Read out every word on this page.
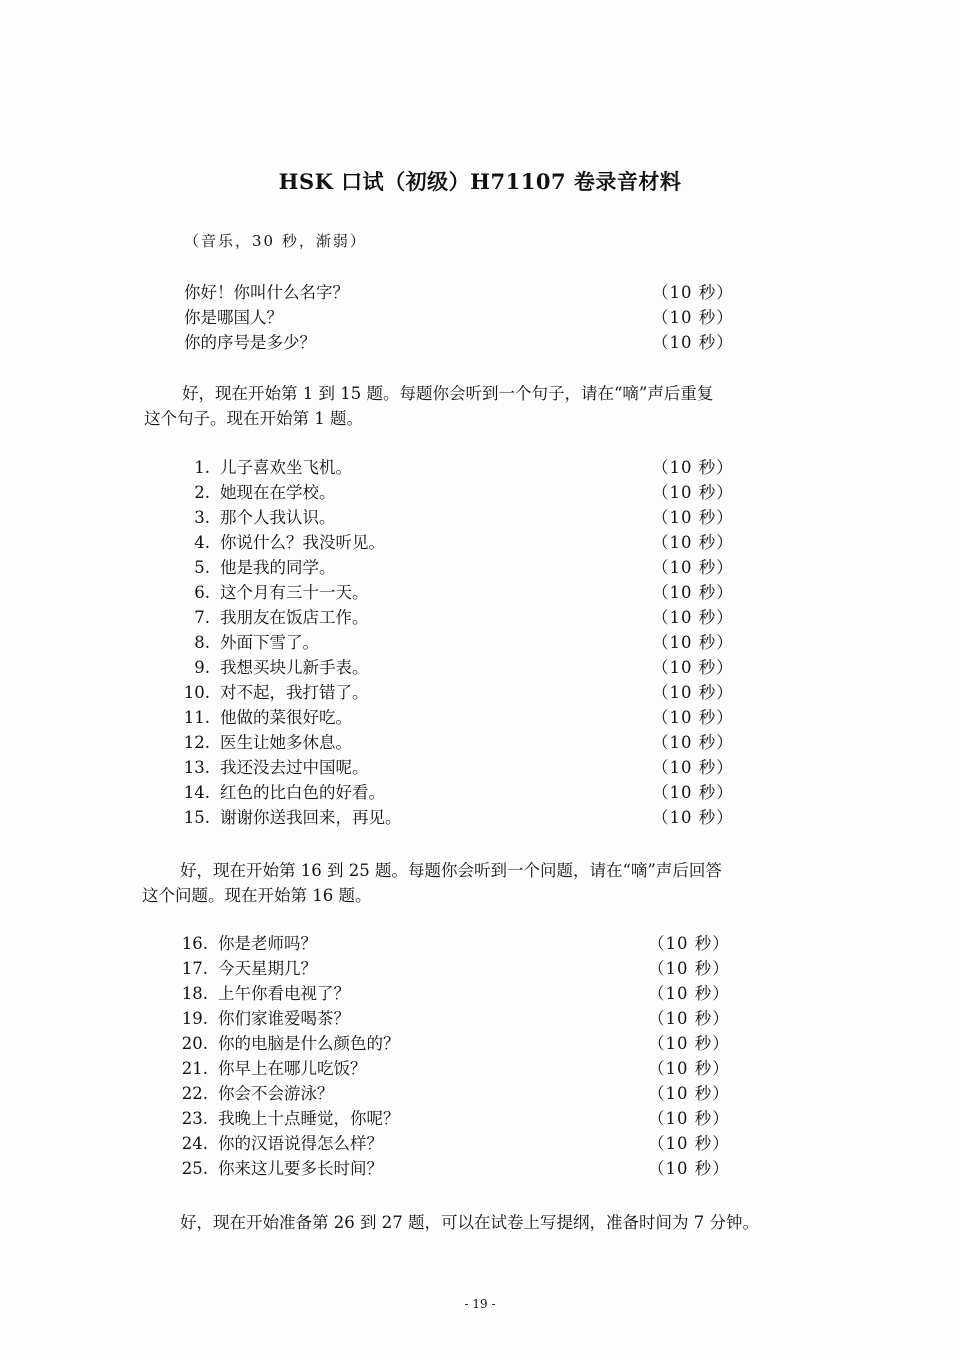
HSK 口试（初级）H71107 卷录音材料
（音乐，30 秒，渐弱）
你好！你叫什么名字？	（10 秒）
你是哪国人？	（10 秒）
你的序号是多少？	（10 秒）
好，现在开始第 1 到 15 题。每题你会听到一个句子，请在“嘀”声后重复
这个句子。现在开始第 1 题。
1. 儿子喜欢坐飞机。	（10 秒）
2. 她现在在学校。	（10 秒）
3. 那个人我认识。	（10 秒）
4. 你说什么？我没听见。	（10 秒）
5. 他是我的同学。	（10 秒）
6. 这个月有三十一天。	（10 秒）
7. 我朋友在饭店工作。	（10 秒）
8. 外面下雪了。	（10 秒）
9. 我想买块儿新手表。	（10 秒）
10. 对不起，我打错了。	（10 秒）
11. 他做的菜很好吃。	（10 秒）
12. 医生让她多休息。	（10 秒）
13. 我还没去过中国呢。	（10 秒）
14. 红色的比白色的好看。	（10 秒）
15. 谢谢你送我回来，再见。	（10 秒）
好，现在开始第 16 到 25 题。每题你会听到一个问题，请在“嘀”声后回答
这个问题。现在开始第 16 题。
16. 你是老师吗？	（10 秒）
17. 今天星期几？	（10 秒）
18. 上午你看电视了？	（10 秒）
19. 你们家谁爱喝茶？	（10 秒）
20. 你的电脑是什么颜色的？	（10 秒）
21. 你早上在哪儿吃饭？	（10 秒）
22. 你会不会游泳？	（10 秒）
23. 我晚上十点睡觉，你呢？	（10 秒）
24. 你的汉语说得怎么样？	（10 秒）
25. 你来这儿要多长时间？	（10 秒）
好，现在开始准备第 26 到 27 题，可以在试卷上写提纲，准备时间为 7 分钟。
- 19 -
